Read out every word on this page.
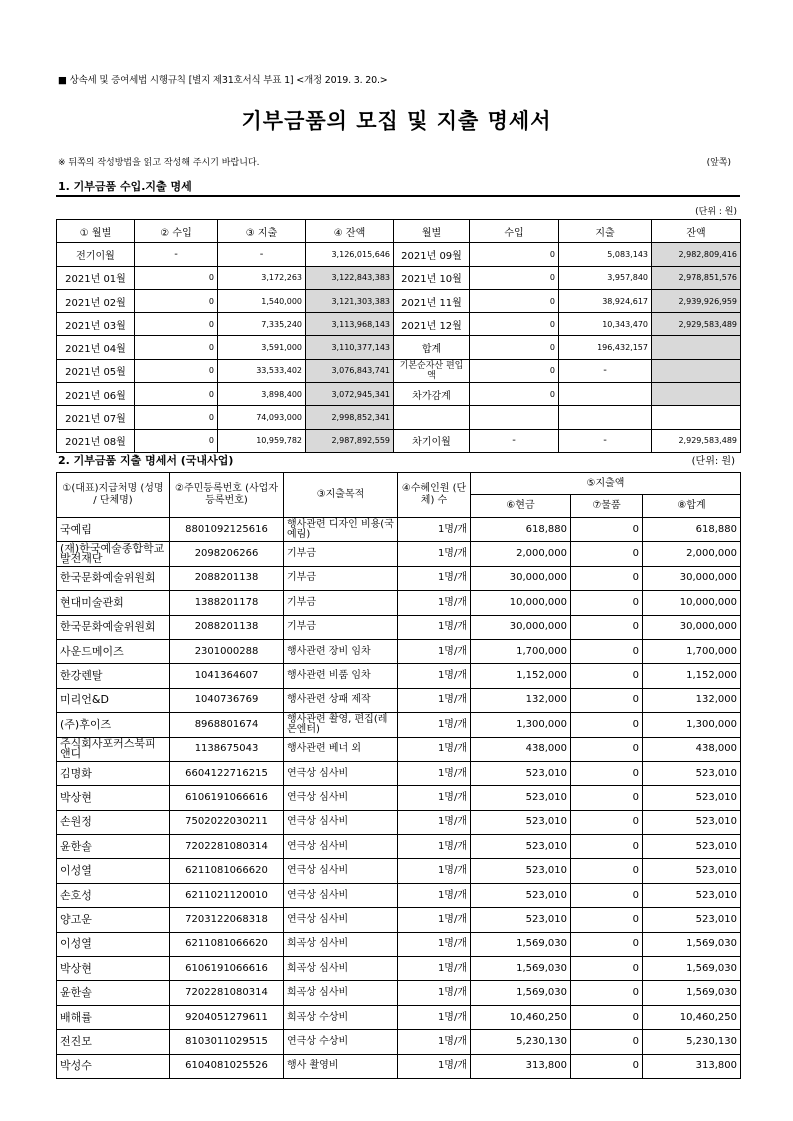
■ 상속세 및 증여세법 시행규칙 [별지 제31호서식 부표 1] <개정 2019. 3. 20.>
기부금품의 모집 및 지출 명세서
※ 뒤쪽의 작성방법을 읽고 작성해 주시기 바랍니다.	(앞쪽)
1. 기부금품 수입.지출 명세
(단위 : 원)
① 월별	② 수입	③ 지출	④ 잔액	월별	수입	지출	잔액
전기이월	-	-	3,126,015,646	2021년 09월	0	5,083,143	2,982,809,416
2021년 01월	0	3,172,263	3,122,843,383	2021년 10월	0	3,957,840	2,978,851,576
2021년 02월	0	1,540,000	3,121,303,383	2021년 11월	0	38,924,617	2,939,926,959
2021년 03월	0	7,335,240	3,113,968,143	2021년 12월	0	10,343,470	2,929,583,489
2021년 04월	0	3,591,000	3,110,377,143	합계	0	196,432,157	
2021년 05월	0	33,533,402	3,076,843,741	기본순자산 편입액	0	-	
2021년 06월	0	3,898,400	3,072,945,341	차가감계	0		
2021년 07월	0	74,093,000	2,998,852,341				
2021년 08월	0	10,959,782	2,987,892,559	차기이월	-	-	2,929,583,489
2. 기부금품 지출 명세서 (국내사업)	(단위: 원)
①(대표)지급처명 (성명 / 단체명)	②주민등록번호 (사업자등록번호)	③지출목적	④수혜인원 (단체) 수	⑤지출액		
				⑥현금	⑦물품	⑧합계
국예림	8801092125616	행사관련 디자인 비용(국예림)	1명/개	618,880	0	618,880
(재)한국예술종합학교 발전재단	2098206266	기부금	1명/개	2,000,000	0	2,000,000
한국문화예술위원회	2088201138	기부금	1명/개	30,000,000	0	30,000,000
현대미술관회	1388201178	기부금	1명/개	10,000,000	0	10,000,000
한국문화예술위원회	2088201138	기부금	1명/개	30,000,000	0	30,000,000
사운드메이즈	2301000288	행사관련 장비 임차	1명/개	1,700,000	0	1,700,000
한강렌탈	1041364607	행사관련 비품 임차	1명/개	1,152,000	0	1,152,000
미리언&D	1040736769	행사관련 상패 제작	1명/개	132,000	0	132,000
(주)후이즈	8968801674	행사관련 촬영, 편집(레몬엔터)	1명/개	1,300,000	0	1,300,000
주식회사포커스북피앤디	1138675043	행사관련 베너 외	1명/개	438,000	0	438,000
김명화	6604122716215	연극상 심사비	1명/개	523,010	0	523,010
박상현	6106191066616	연극상 심사비	1명/개	523,010	0	523,010
손원정	7502022030211	연극상 심사비	1명/개	523,010	0	523,010
윤한솔	7202281080314	연극상 심사비	1명/개	523,010	0	523,010
이성열	6211081066620	연극상 심사비	1명/개	523,010	0	523,010
손호성	6211021120010	연극상 심사비	1명/개	523,010	0	523,010
양고운	7203122068318	연극상 심사비	1명/개	523,010	0	523,010
이성열	6211081066620	희곡상 심사비	1명/개	1,569,030	0	1,569,030
박상현	6106191066616	희곡상 심사비	1명/개	1,569,030	0	1,569,030
윤한솔	7202281080314	희곡상 심사비	1명/개	1,569,030	0	1,569,030
배해률	9204051279611	희곡상 수상비	1명/개	10,460,250	0	10,460,250
전진모	8103011029515	연극상 수상비	1명/개	5,230,130	0	5,230,130
박성수	6104081025526	행사 촬영비	1명/개	313,800	0	313,800
